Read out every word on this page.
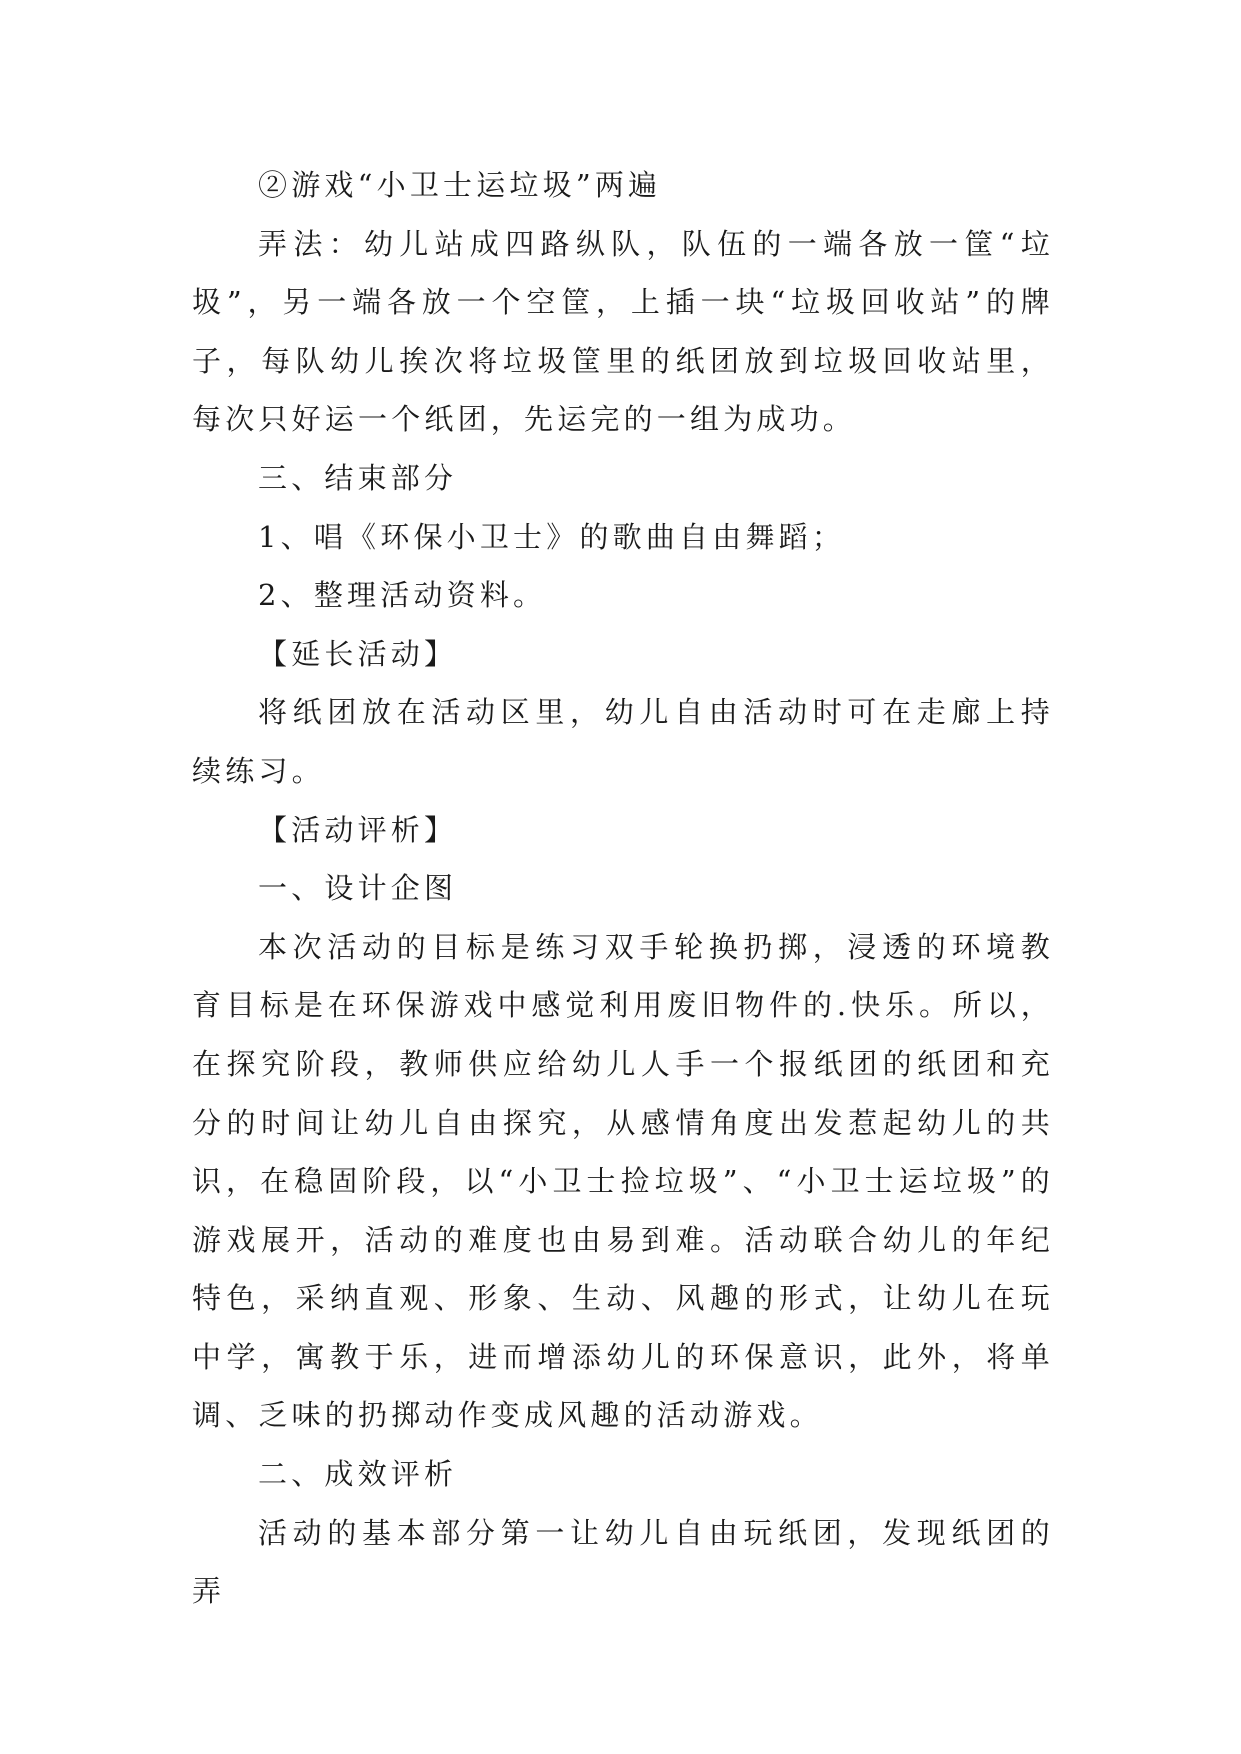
②游戏“小卫士运垃圾”两遍

弄法：幼儿站成四路纵队，队伍的一端各放一筐“垃圾”，另一端各放一个空筐，上插一块“垃圾回收站”的牌子，每队幼儿挨次将垃圾筐里的纸团放到垃圾回收站里，每次只好运一个纸团，先运完的一组为成功。

三、结束部分

1、唱《环保小卫士》的歌曲自由舞蹈；

2、整理活动资料。

【延长活动】

将纸团放在活动区里，幼儿自由活动时可在走廊上持续练习。

【活动评析】

一、设计企图

本次活动的目标是练习双手轮换扔掷，浸透的环境教育目标是在环保游戏中感觉利用废旧物件的.快乐。所以，在探究阶段，教师供应给幼儿人手一个报纸团的纸团和充分的时间让幼儿自由探究，从感情角度出发惹起幼儿的共识，在稳固阶段，以“小卫士捡垃圾”、“小卫士运垃圾”的游戏展开，活动的难度也由易到难。活动联合幼儿的年纪特色，采纳直观、形象、生动、风趣的形式，让幼儿在玩中学，寓教于乐，进而增添幼儿的环保意识，此外，将单调、乏味的扔掷动作变成风趣的活动游戏。

二、成效评析

活动的基本部分第一让幼儿自由玩纸团，发现纸团的弄
